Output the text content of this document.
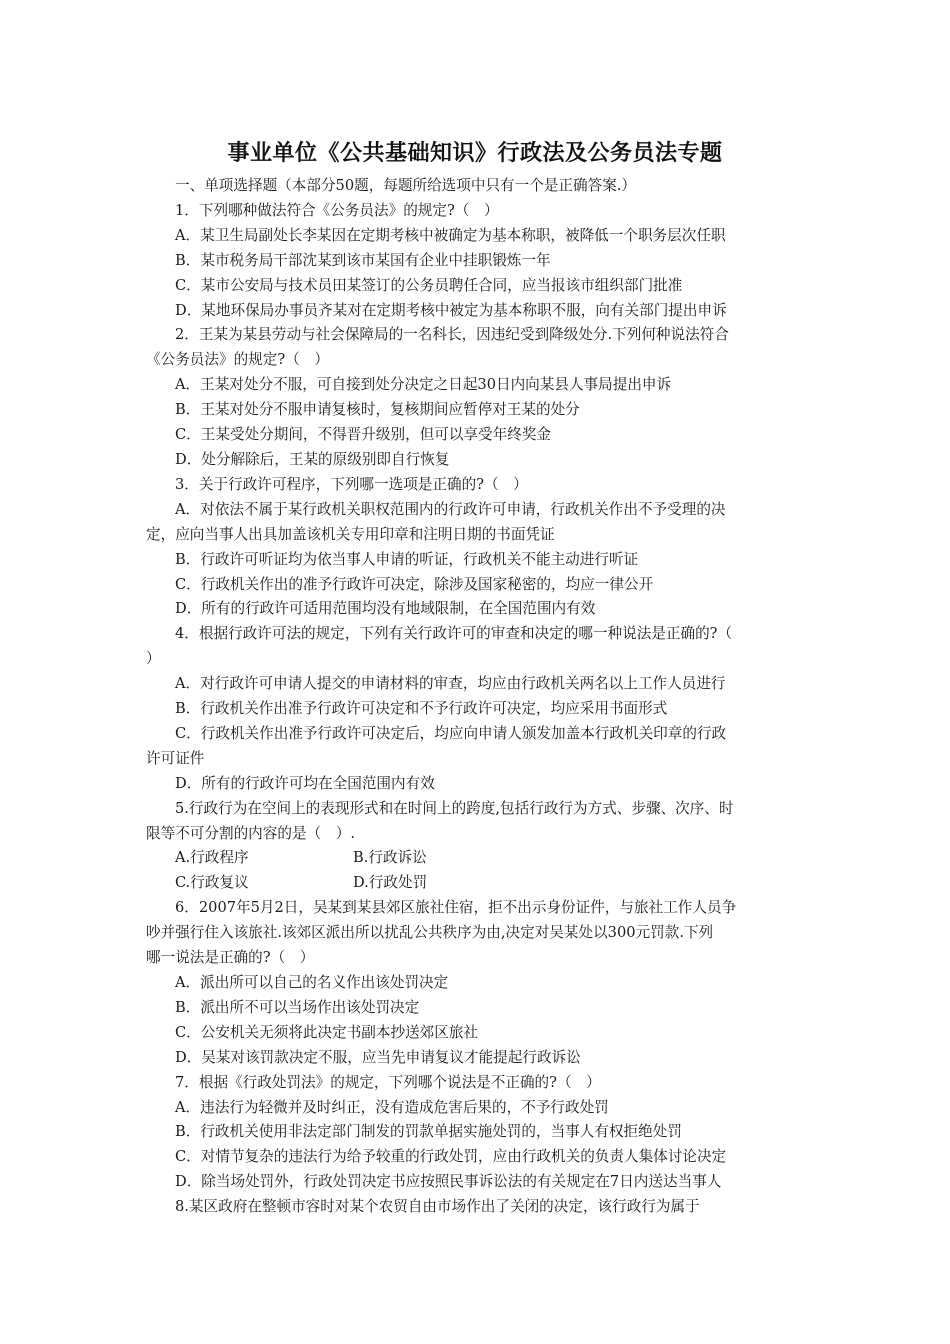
事业单位《公共基础知识》行政法及公务员法专题

一、单项选择题（本部分50题，每题所给选项中只有一个是正确答案.）

1．下列哪种做法符合《公务员法》的规定?（　）

A．某卫生局副处长李某因在定期考核中被确定为基本称职，被降低一个职务层次任职

B．某市税务局干部沈某到该市某国有企业中挂职锻炼一年

C．某市公安局与技术员田某签订的公务员聘任合同，应当报该市组织部门批准

D．某地环保局办事员齐某对在定期考核中被定为基本称职不服，向有关部门提出申诉

2．王某为某县劳动与社会保障局的一名科长，因违纪受到降级处分.下列何种说法符合

《公务员法》的规定?（　）

A．王某对处分不服，可自接到处分决定之日起30日内向某县人事局提出申诉

B．王某对处分不服申请复核时，复核期间应暂停对王某的处分

C．王某受处分期间，不得晋升级别，但可以享受年终奖金

D．处分解除后，王某的原级别即自行恢复

3．关于行政许可程序，下列哪一选项是正确的?（　）

A．对依法不属于某行政机关职权范围内的行政许可申请，行政机关作出不予受理的决

定，应向当事人出具加盖该机关专用印章和注明日期的书面凭证

B．行政许可听证均为依当事人申请的听证，行政机关不能主动进行听证

C．行政机关作出的准予行政许可决定，除涉及国家秘密的，均应一律公开

D．所有的行政许可适用范围均没有地域限制，在全国范围内有效

4．根据行政许可法的规定，下列有关行政许可的审查和决定的哪一种说法是正确的?（

）

A．对行政许可申请人提交的申请材料的审查，均应由行政机关两名以上工作人员进行

B．行政机关作出准予行政许可决定和不予行政许可决定，均应采用书面形式

C．行政机关作出准予行政许可决定后，均应向申请人颁发加盖本行政机关印章的行政

许可证件

D．所有的行政许可均在全国范围内有效

5.行政行为在空间上的表现形式和在时间上的跨度,包括行政行为方式、步骤、次序、时

限等不可分割的内容的是（　）.

A.行政程序	B.行政诉讼

C.行政复议	D.行政处罚

6．2007年5月2日，吴某到某县郊区旅社住宿，拒不出示身份证件，与旅社工作人员争

吵并强行住入该旅社.该郊区派出所以扰乱公共秩序为由,决定对吴某处以300元罚款.下列

哪一说法是正确的?（　）

A．派出所可以自己的名义作出该处罚决定

B．派出所不可以当场作出该处罚决定

C．公安机关无须将此决定书副本抄送郊区旅社

D．吴某对该罚款决定不服，应当先申请复议才能提起行政诉讼

7．根据《行政处罚法》的规定，下列哪个说法是不正确的?（　）

A．违法行为轻微并及时纠正，没有造成危害后果的，不予行政处罚

B．行政机关使用非法定部门制发的罚款单据实施处罚的，当事人有权拒绝处罚

C．对情节复杂的违法行为给予较重的行政处罚，应由行政机关的负责人集体讨论决定

D．除当场处罚外，行政处罚决定书应按照民事诉讼法的有关规定在7日内送达当事人

8.某区政府在整顿市容时对某个农贸自由市场作出了关闭的决定，该行政行为属于
